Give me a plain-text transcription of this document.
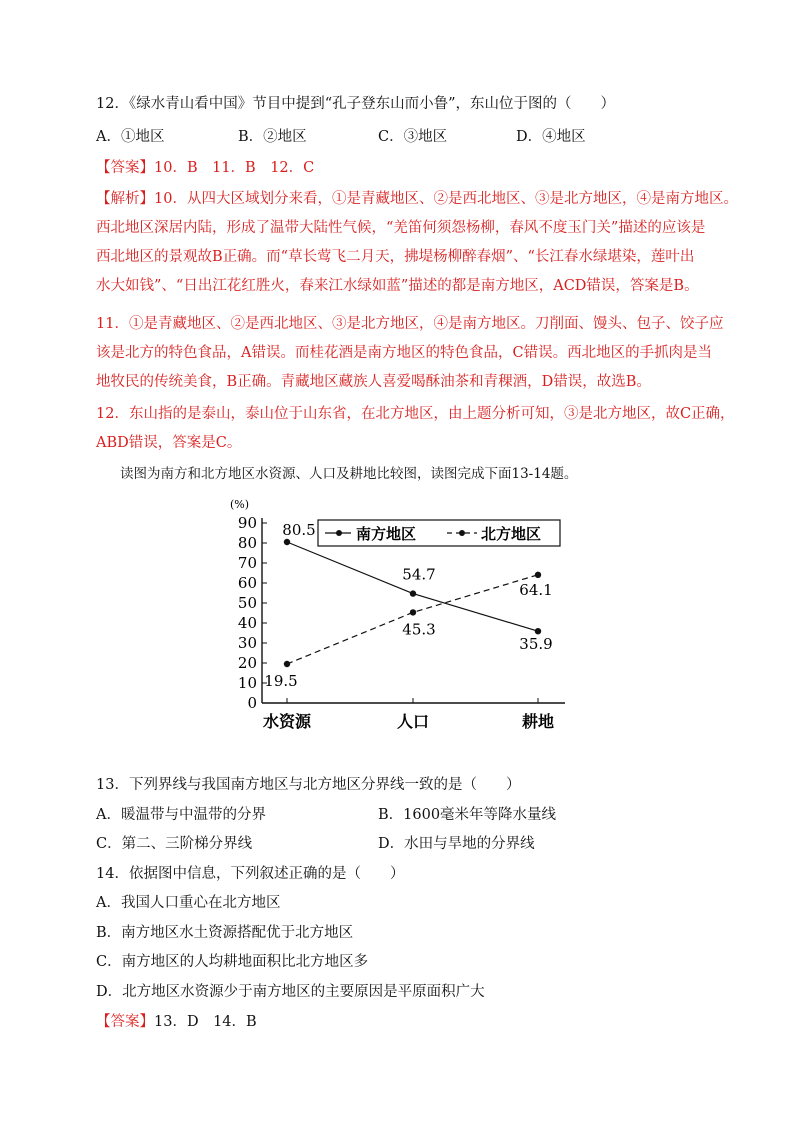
12．《绿水青山看中国》节目中提到“孔子登东山而小鲁”，东山位于图的（　　）
A．①地区	B．②地区	C．③地区	D．④地区
【答案】10．B　11．B　12．C
【解析】10．从四大区域划分来看，①是青藏地区、②是西北地区、③是北方地区，④是南方地区。
西北地区深居内陆，形成了温带大陆性气候，“羌笛何须怨杨柳，春风不度玉门关”描述的应该是
西北地区的景观故B正确。而“草长莺飞二月天，拂堤杨柳醉春烟”、“长江春水绿堪染，莲叶出
水大如钱”、“日出江花红胜火，春来江水绿如蓝”描述的都是南方地区，ACD错误，答案是B。
11．①是青藏地区、②是西北地区、③是北方地区，④是南方地区。刀削面、馒头、包子、饺子应
该是北方的特色食品，A错误。而桂花酒是南方地区的特色食品，C错误。西北地区的手抓肉是当
地牧民的传统美食，B正确。青藏地区藏族人喜爱喝酥油茶和青稞酒，D错误，故选B。
12．东山指的是泰山，泰山位于山东省，在北方地区，由上题分析可知，③是北方地区，故C正确，
ABD错误，答案是C。
读图为南方和北方地区水资源、人口及耕地比较图，读图完成下面13-14题。
(%)
0
10
20
30
40
50
60
70
80
90
水资源	人口	耕地
80.5
54.7
35.9
19.5
45.3
64.1
南方地区	北方地区
13．下列界线与我国南方地区与北方地区分界线一致的是（　　）
A．暖温带与中温带的分界	B．1600毫米年等降水量线
C．第二、三阶梯分界线	D．水田与旱地的分界线
14．依据图中信息，下列叙述正确的是（　　）
A．我国人口重心在北方地区
B．南方地区水土资源搭配优于北方地区
C．南方地区的人均耕地面积比北方地区多
D．北方地区水资源少于南方地区的主要原因是平原面积广大
【答案】13．D　14．B
